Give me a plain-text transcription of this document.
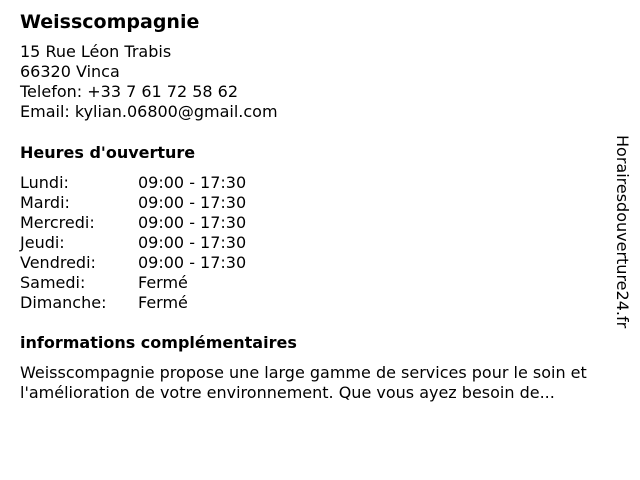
Weisscompagnie
15 Rue Léon Trabis
66320 Vinca
Telefon: +33 7 61 72 58 62
Email: kylian.06800@gmail.com
Heures d'ouverture
Lundi:	09:00 - 17:30
Mardi:	09:00 - 17:30
Mercredi:	09:00 - 17:30
Jeudi:	09:00 - 17:30
Vendredi:	09:00 - 17:30
Samedi:	Fermé
Dimanche:	Fermé
informations complémentaires

Weisscompagnie propose une large gamme de services pour le soin et l'amélioration de votre environnement. Que vous ayez besoin de...

Horairesdouverture24.fr
